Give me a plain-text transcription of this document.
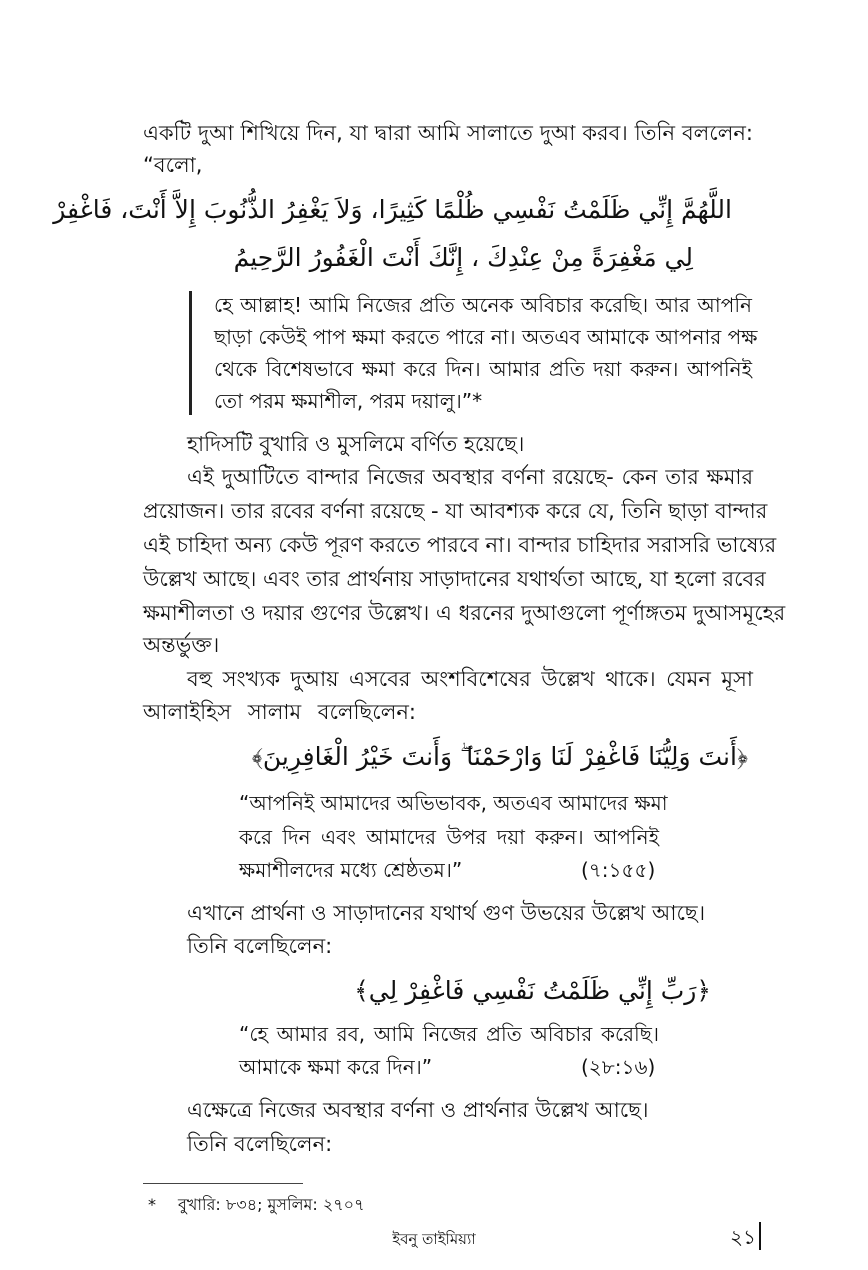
একটি দুআ শিখিয়ে দিন, যা দ্বারা আমি সালাতে দুআ করব। তিনি বললেন:
“বলো,
اللَّهُمَّ إِنِّي ظَلَمْتُ نَفْسِي ظُلْمًا كَثِيرًا، وَلاَ يَغْفِرُ الذُّنُوبَ إِلاَّ أَنْتَ، فَاغْفِرْ
لِي مَغْفِرَةً مِنْ عِنْدِكَ ، إِنَّكَ أَنْتَ الْغَفُورُ الرَّحِيمُ
হে আল্লাহ! আমি নিজের প্রতি অনেক অবিচার করেছি। আর আপনি
ছাড়া কেউই পাপ ক্ষমা করতে পারে না। অতএব আমাকে আপনার পক্ষ
থেকে বিশেষভাবে ক্ষমা করে দিন। আমার প্রতি দয়া করুন। আপনিই
তো পরম ক্ষমাশীল, পরম দয়ালু।”*
হাদিসটি বুখারি ও মুসলিমে বর্ণিত হয়েছে।
এই দুআটিতে বান্দার নিজের অবস্থার বর্ণনা রয়েছে- কেন তার ক্ষমার
প্রয়োজন। তার রবের বর্ণনা রয়েছে - যা আবশ্যক করে যে, তিনি ছাড়া বান্দার
এই চাহিদা অন্য কেউ পূরণ করতে পারবে না। বান্দার চাহিদার সরাসরি ভাষ্যের
উল্লেখ আছে। এবং তার প্রার্থনায় সাড়াদানের যথার্থতা আছে, যা হলো রবের
ক্ষমাশীলতা ও দয়ার গুণের উল্লেখ। এ ধরনের দুআগুলো পূর্ণাঙ্গতম দুআসমূহের
অন্তর্ভুক্ত।
বহু সংখ্যক দুআয় এসবের অংশবিশেষের উল্লেখ থাকে। যেমন মূসা
আলাইহিস সালাম বলেছিলেন:
﴿أَنتَ وَلِيُّنَا فَاغْفِرْ لَنَا وَارْحَمْنَا ۖ وَأَنتَ خَيْرُ الْغَافِرِينَ﴾
“আপনিই আমাদের অভিভাবক, অতএব আমাদের ক্ষমা
করে দিন এবং আমাদের উপর দয়া করুন। আপনিই
ক্ষমাশীলদের মধ্যে শ্রেষ্ঠতম।”	(৭:১৫৫)
এখানে প্রার্থনা ও সাড়াদানের যথার্থ গুণ উভয়ের উল্লেখ আছে।
তিনি বলেছিলেন:
﴿رَبِّ إِنِّي ظَلَمْتُ نَفْسِي فَاغْفِرْ لِي﴾
“হে আমার রব, আমি নিজের প্রতি অবিচার করেছি।
আমাকে ক্ষমা করে দিন।”	(২৮:১৬)
এক্ষেত্রে নিজের অবস্থার বর্ণনা ও প্রার্থনার উল্লেখ আছে।
তিনি বলেছিলেন:
* বুখারি: ৮৩৪; মুসলিম: ২৭০৭
ইবনু তাইমিয়্যা	২১
